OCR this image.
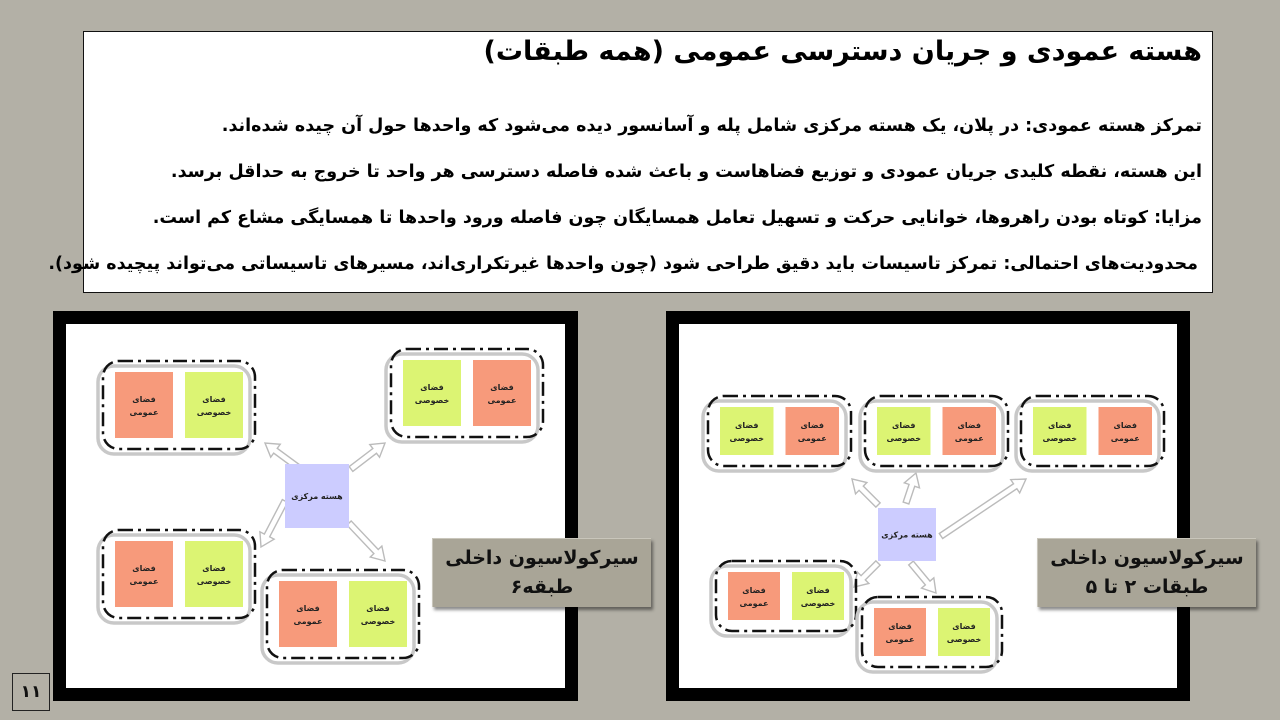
هسته عمودی و جریان دسترسی عمومی (همه طبقات)
تمرکز هسته عمودی: در پلان، یک هسته مرکزی شامل پله و آسانسور دیده می‌شود که واحدها حول آن چیده شده‌اند.
این هسته، نقطه کلیدی جریان عمودی و توزیع فضاهاست و باعث شده فاصله دسترسی هر واحد تا خروج به حداقل برسد.
مزایا: کوتاه بودن راهروها، خوانایی حرکت و تسهیل تعامل همسایگان چون فاصله ورود واحدها تا همسایگی مشاع کم است.
محدودیت‌های احتمالی: تمرکز تاسیسات باید دقیق طراحی شود (چون واحدها غیرتکراری‌اند، مسیرهای تاسیساتی می‌تواند پیچیده شود).
هسته مرکزی
فضای
عمومی
فضای
خصوصی
فضای
خصوصی
فضای
عمومی
فضای
عمومی
فضای
خصوصی
فضای
عمومی
فضای
خصوصی
هسته مرکزی
فضای
خصوصی
فضای
عمومی
فضای
خصوصی
فضای
عمومی
فضای
خصوصی
فضای
عمومی
فضای
عمومی
فضای
خصوصی
فضای
عمومی
فضای
خصوصی
سیرکولاسیون داخلی
طبقه۶
سیرکولاسیون داخلی
طبقات ۲ تا ۵
۱۱
